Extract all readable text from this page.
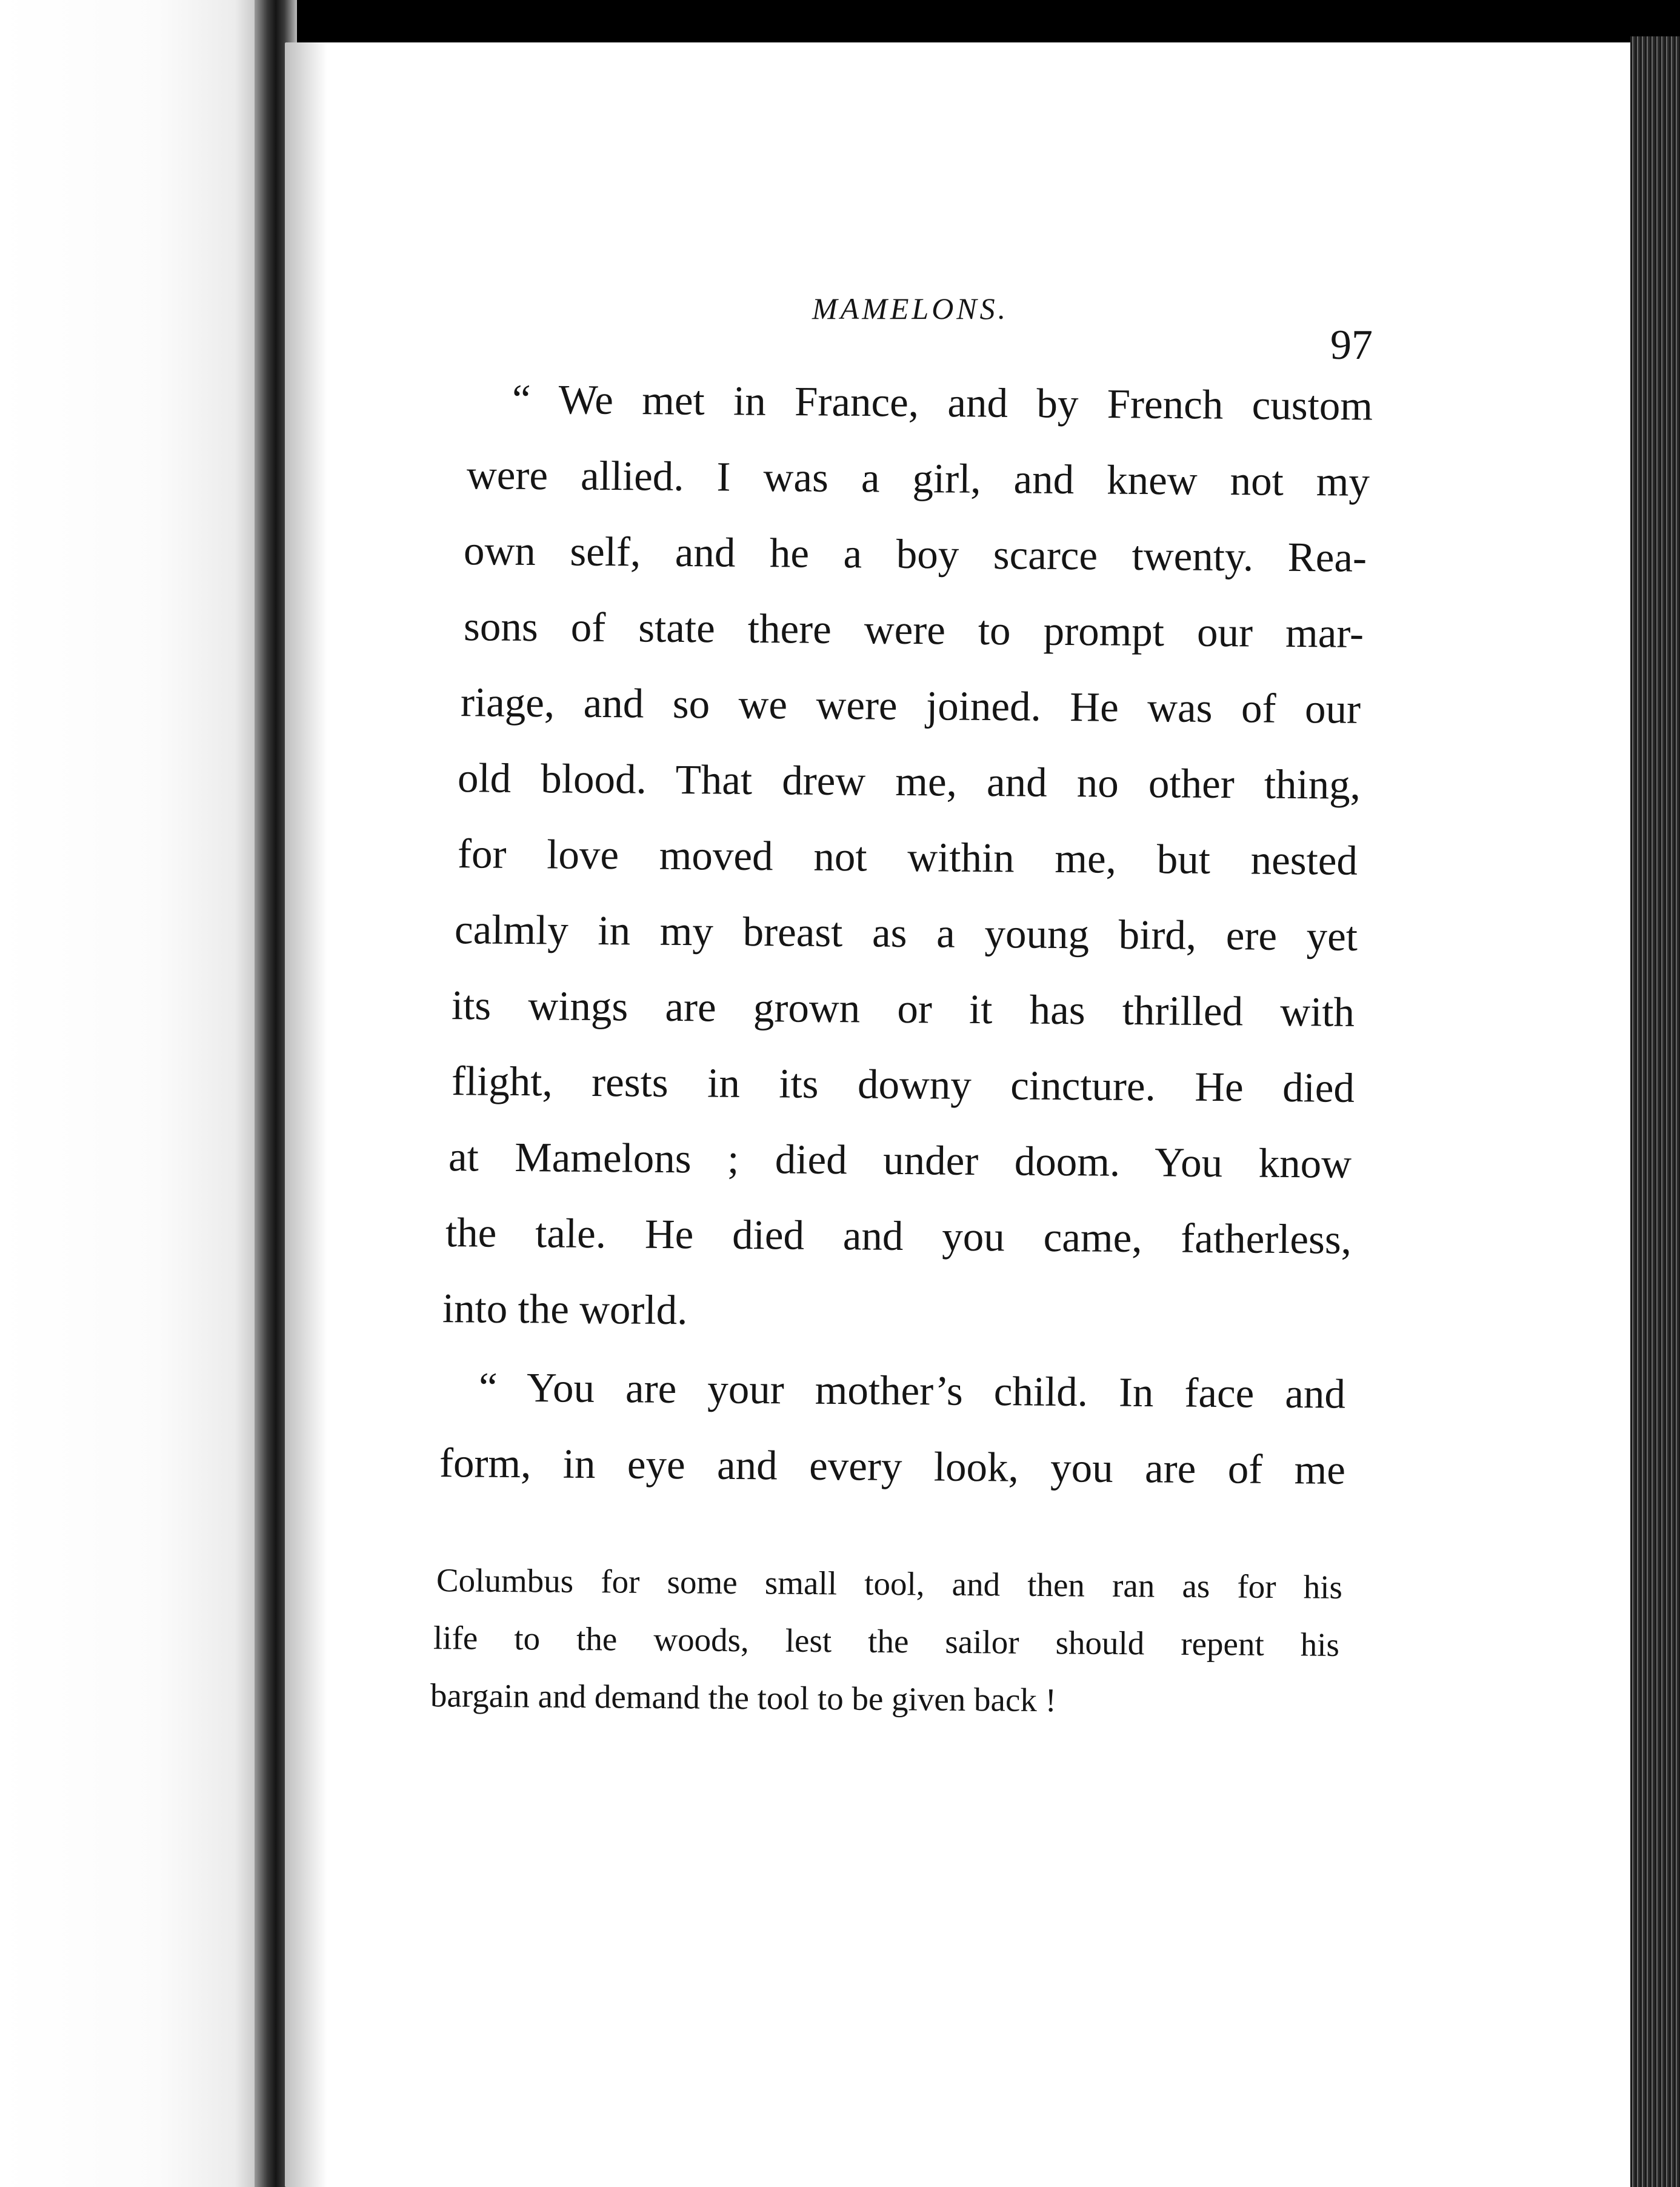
MAMELONS.
97
“ We met in France, and by French custom
were allied. I was a girl, and knew not my
own self, and he a boy scarce twenty. Rea-
sons of state there were to prompt our mar-
riage, and so we were joined. He was of our
old blood. That drew me, and no other thing,
for love moved not within me, but nested
calmly in my breast as a young bird, ere yet
its wings are grown or it has thrilled with
flight, rests in its downy cincture. He died
at Mamelons ; died under doom. You know
the tale. He died and you came, fatherless,
into the world.
“ You are your mother’s child. In face and
form, in eye and every look, you are of me
Columbus for some small tool, and then ran as for his
life to the woods, lest the sailor should repent his
bargain and demand the tool to be given back !
